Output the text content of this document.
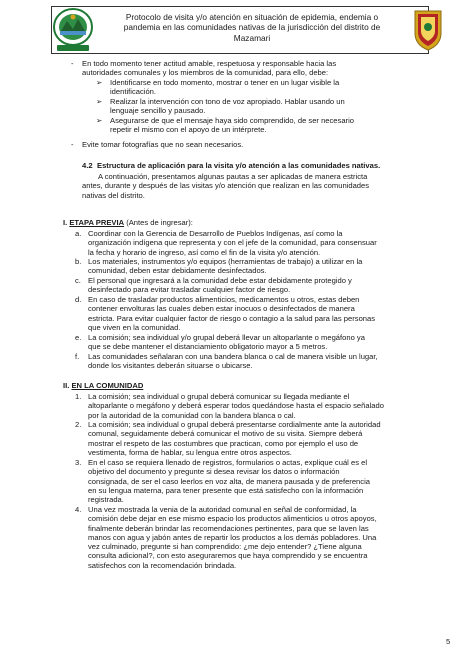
Protocolo de visita y/o atención en situación de epidemia, endemia o
pandemia en las comunidades nativas de la jurisdicción del distrito de
Mazamari
- En todo momento tener actitud amable, respetuosa y responsable hacia las
autoridades comunales y los miembros de la comunidad, para ello, debe:
➢ Identificarse en todo momento, mostrar o tener en un lugar visible la
identificación.
➢ Realizar la intervención con tono de voz apropiado. Hablar usando un
lenguaje sencillo y pausado.
➢ Asegurarse de que el mensaje haya sido comprendido, de ser necesario
repetir el mismo con el apoyo de un intérprete.
- Evite tomar fotografías que no sean necesarios.
4.2 Estructura de aplicación para la visita y/o atención a las comunidades nativas.
A continuación, presentamos algunas pautas a ser aplicadas de manera estricta
antes, durante y después de las visitas y/o atención que realizan en las comunidades
nativas del distrito.
I. ETAPA PREVIA (Antes de ingresar):
a. Coordinar con la Gerencia de Desarrollo de Pueblos Indígenas, así como la
organización indígena que representa y con el jefe de la comunidad, para consensuar
la fecha y horario de ingreso, así como el fin de la visita y/o atención.
b. Los materiales, instrumentos y/o equipos (herramientas de trabajo) a utilizar en la
comunidad, deben estar debidamente desinfectados.
c. El personal que ingresará a la comunidad debe estar debidamente protegido y
desinfectado para evitar trasladar cualquier factor de riesgo.
d. En caso de trasladar productos alimenticios, medicamentos u otros, estas deben
contener envolturas las cuales deben estar inocuos o desinfectados de manera
estricta. Para evitar cualquier factor de riesgo o contagio a la salud para las personas
que viven en la comunidad.
e. La comisión; sea individual y/o grupal deberá llevar un altoparlante o megáfono ya
que se debe mantener el distanciamiento obligatorio mayor a 5 metros.
f. Las comunidades señalaran con una bandera blanca o cal de manera visible un lugar,
donde los visitantes deberán situarse o ubicarse.
II. EN LA COMUNIDAD
1. La comisión; sea individual o grupal deberá comunicar su llegada mediante el
altoparlante o megáfono y deberá esperar todos quedándose hasta el espacio señalado
por la autoridad de la comunidad con la bandera blanca o cal.
2. La comisión; sea individual o grupal deberá presentarse cordialmente ante la autoridad
comunal, seguidamente deberá comunicar el motivo de su visita. Siempre deberá
mostrar el respeto de las costumbres que practican, como por ejemplo el uso de
vestimenta, forma de hablar, su lengua entre otros aspectos.
3. En el caso se requiera llenado de registros, formularios o actas, explique cuál es el
objetivo del documento y pregunte si desea revisar los datos o información
consignada, de ser el caso leerlos en voz alta, de manera pausada y de preferencia
en su lengua materna, para tener presente que está satisfecho con la información
registrada.
4. Una vez mostrada la venia de la autoridad comunal en señal de conformidad, la
comisión debe dejar en ese mismo espacio los productos alimenticios u otros apoyos,
finalmente deberán brindar las recomendaciones pertinentes, para que se laven las
manos con agua y jabón antes de repartir los productos a los demás pobladores. Una
vez culminado, pregunte si han comprendido: ¿me dejo entender? ¿Tiene alguna
consulta adicional?, con esto aseguraremos que haya comprendido y se encuentra
satisfechos con la recomendación brindada.
5
